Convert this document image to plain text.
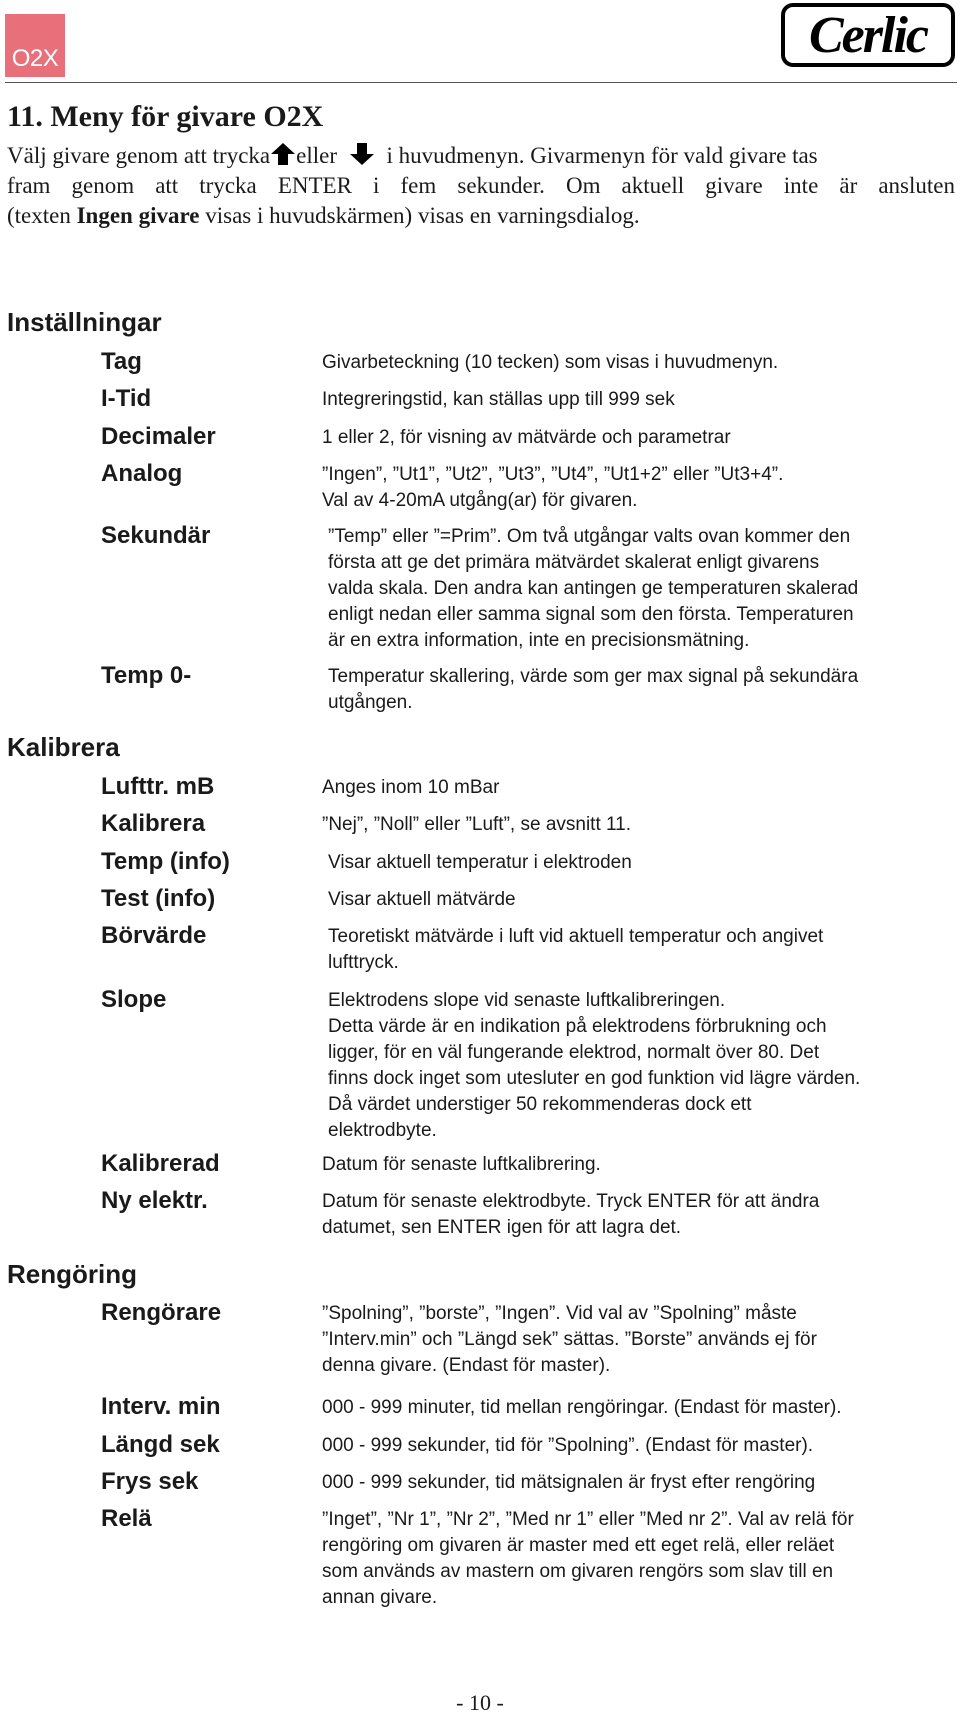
O2X	Cerlic
11. Meny för givare O2X
Välj givare genom att trycka eller i huvudmenyn. Givarmenyn för vald givare tas
fram genom att trycka ENTER i fem sekunder. Om aktuell givare inte är ansluten
(texten Ingen givare visas i huvudskärmen) visas en varningsdialog.
Inställningar
Tag	Givarbeteckning (10 tecken) som visas i huvudmenyn.
I-Tid	Integreringstid, kan ställas upp till 999 sek
Decimaler	1 eller 2, för visning av mätvärde och parametrar
Analog	”Ingen”, ”Ut1”, ”Ut2”, ”Ut3”, ”Ut4”, ”Ut1+2” eller ”Ut3+4”.
Val av 4-20mA utgång(ar) för givaren.
Sekundär	”Temp” eller ”=Prim”. Om två utgångar valts ovan kommer den
första att ge det primära mätvärdet skalerat enligt givarens
valda skala. Den andra kan antingen ge temperaturen skalerad
enligt nedan eller samma signal som den första. Temperaturen
är en extra information, inte en precisionsmätning.
Temp 0-	Temperatur skallering, värde som ger max signal på sekundära
utgången.
Kalibrera
Lufttr. mB	Anges inom 10 mBar
Kalibrera	”Nej”, ”Noll” eller ”Luft”, se avsnitt 11.
Temp (info)	Visar aktuell temperatur i elektroden
Test (info)	Visar aktuell mätvärde
Börvärde	Teoretiskt mätvärde i luft vid aktuell temperatur och angivet
lufttryck.
Slope	Elektrodens slope vid senaste luftkalibreringen.
Detta värde är en indikation på elektrodens förbrukning och
ligger, för en väl fungerande elektrod, normalt över 80. Det
finns dock inget som utesluter en god funktion vid lägre värden.
Då värdet understiger 50 rekommenderas dock ett
elektrodbyte.
Kalibrerad	Datum för senaste luftkalibrering.
Ny elektr.	Datum för senaste elektrodbyte. Tryck ENTER för att ändra
datumet, sen ENTER igen för att lagra det.
Rengöring
Rengörare	”Spolning”, ”borste”, ”Ingen”. Vid val av ”Spolning” måste
”Interv.min” och ”Längd sek” sättas. ”Borste” används ej för
denna givare. (Endast för master).
Interv. min	000 - 999 minuter, tid mellan rengöringar. (Endast för master).
Längd sek	000 - 999 sekunder, tid för ”Spolning”. (Endast för master).
Frys sek	000 - 999 sekunder, tid mätsignalen är fryst efter rengöring
Relä	”Inget”, ”Nr 1”, ”Nr 2”, ”Med nr 1” eller ”Med nr 2”. Val av relä för
rengöring om givaren är master med ett eget relä, eller reläet
som används av mastern om givaren rengörs som slav till en
annan givare.
- 10 -
